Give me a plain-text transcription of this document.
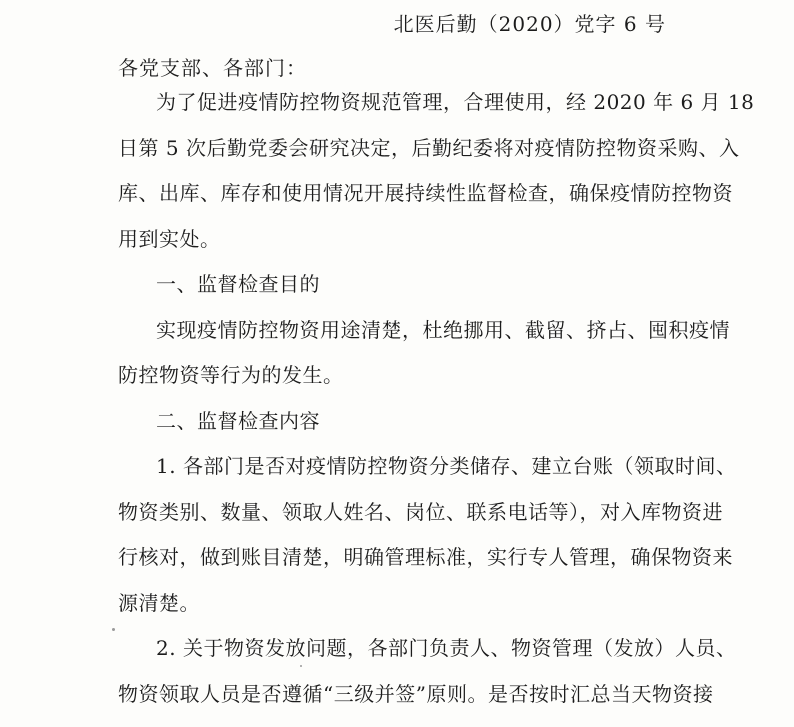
北医后勤（2020）党字 6 号
各党支部、各部门：
为了促进疫情防控物资规范管理，合理使用，经 2020 年 6 月 18
日第 5 次后勤党委会研究决定，后勤纪委将对疫情防控物资采购、入
库、出库、库存和使用情况开展持续性监督检查，确保疫情防控物资
用到实处。
一、监督检查目的
实现疫情防控物资用途清楚，杜绝挪用、截留、挤占、囤积疫情
防控物资等行为的发生。
二、监督检查内容
1. 各部门是否对疫情防控物资分类储存、建立台账（领取时间、
物资类别、数量、领取人姓名、岗位、联系电话等），对入库物资进
行核对，做到账目清楚，明确管理标准，实行专人管理，确保物资来
源清楚。
2. 关于物资发放问题，各部门负责人、物资管理（发放）人员、
物资领取人员是否遵循“三级并签”原则。是否按时汇总当天物资接
